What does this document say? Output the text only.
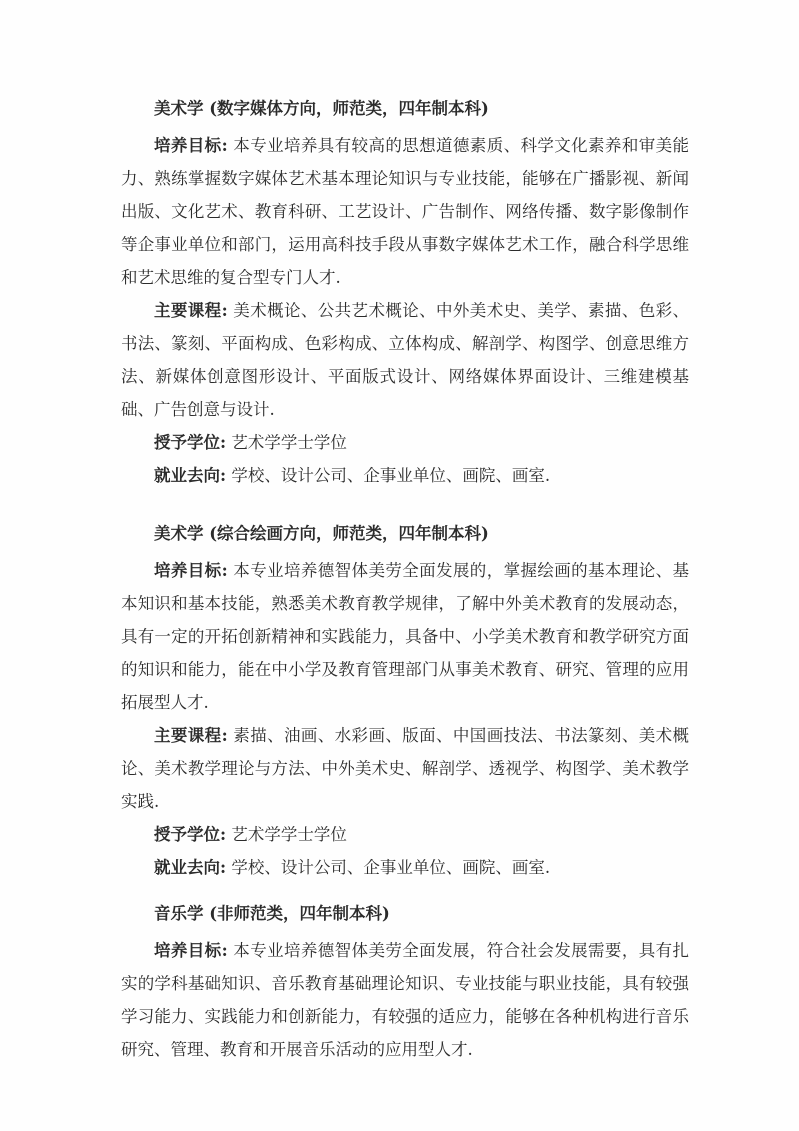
美术学 (数字媒体方向，师范类，四年制本科)

培养目标: 本专业培养具有较高的思想道德素质、科学文化素养和审美能力、熟练掌握数字媒体艺术基本理论知识与专业技能，能够在广播影视、新闻出版、文化艺术、教育科研、工艺设计、广告制作、网络传播、数字影像制作等企事业单位和部门，运用高科技手段从事数字媒体艺术工作，融合科学思维和艺术思维的复合型专门人才.

主要课程: 美术概论、公共艺术概论、中外美术史、美学、素描、色彩、书法、篆刻、平面构成、色彩构成、立体构成、解剖学、构图学、创意思维方法、新媒体创意图形设计、平面版式设计、网络媒体界面设计、三维建模基础、广告创意与设计.

授予学位: 艺术学学士学位

就业去向: 学校、设计公司、企事业单位、画院、画室.

美术学 (综合绘画方向，师范类，四年制本科)

培养目标: 本专业培养德智体美劳全面发展的，掌握绘画的基本理论、基本知识和基本技能，熟悉美术教育教学规律，了解中外美术教育的发展动态，具有一定的开拓创新精神和实践能力，具备中、小学美术教育和教学研究方面的知识和能力，能在中小学及教育管理部门从事美术教育、研究、管理的应用拓展型人才.

主要课程: 素描、油画、水彩画、版面、中国画技法、书法篆刻、美术概论、美术教学理论与方法、中外美术史、解剖学、透视学、构图学、美术教学实践.

授予学位: 艺术学学士学位

就业去向: 学校、设计公司、企事业单位、画院、画室.

音乐学 (非师范类，四年制本科)

培养目标: 本专业培养德智体美劳全面发展，符合社会发展需要，具有扎实的学科基础知识、音乐教育基础理论知识、专业技能与职业技能，具有较强学习能力、实践能力和创新能力，有较强的适应力，能够在各种机构进行音乐研究、管理、教育和开展音乐活动的应用型人才.
